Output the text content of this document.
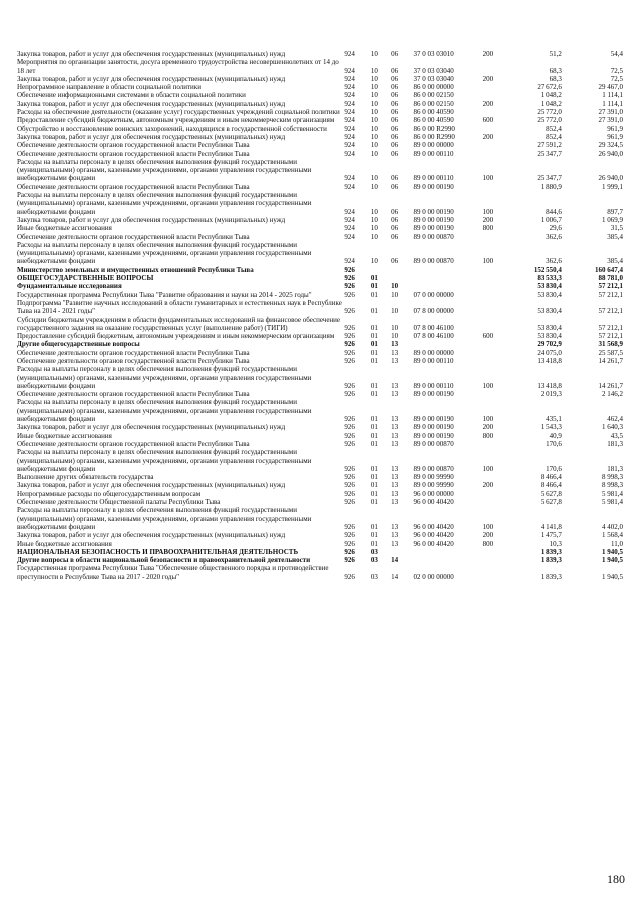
Закупка товаров, работ и услуг для обеспечения государственных (муниципальных) нужд	924	10	06	37 0 03 03010	200	51,2	54,4
Мероприятия по организации занятости, досуга временного трудоустройства несовершеннолетних от 14 до 18 лет	924	10	06	37 0 03 03040		68,3	72,5
Закупка товаров, работ и услуг для обеспечения государственных (муниципальных) нужд	924	10	06	37 0 03 03040	200	68,3	72,5
Непрограммное направление в области социальной политики	924	10	06	86 0 00 00000		27 672,6	29 467,0
Обеспечение информационными системами в области социальной политики	924	10	06	86 0 00 02150		1 048,2	1 114,1
Закупка товаров, работ и услуг для обеспечения государственных (муниципальных) нужд	924	10	06	86 0 00 02150	200	1 048,2	1 114,1
Расходы на обеспечение деятельности (оказание услуг) государственных учреждений социальной политики	924	10	06	86 0 00 40590		25 772,0	27 391,0
Предоставление субсидий бюджетным, автономным учреждениям и иным некоммерческим организациям	924	10	06	86 0 00 40590	600	25 772,0	27 391,0
Обустройство и восстановление воинских захоронений, находящихся в государственной собственности	924	10	06	86 0 00 R2990		852,4	961,9
Закупка товаров, работ и услуг для обеспечения государственных (муниципальных) нужд	924	10	06	86 0 00 R2990	200	852,4	961,9
Обеспечение деятельности органов государственной власти Республики Тыва	924	10	06	89 0 00 00000		27 591,2	29 324,5
Обеспечение деятельности органов государственной власти Республики Тыва	924	10	06	89 0 00 00110		25 347,7	26 940,0
Расходы на выплаты персоналу в целях обеспечения выполнения функций государственными (муниципальными) органами, казенными учреждениями, органами управления государственными внебюджетными фондами	924	10	06	89 0 00 00110	100	25 347,7	26 940,0
Обеспечение деятельности органов государственной власти Республики Тыва	924	10	06	89 0 00 00190		1 880,9	1 999,1
Расходы на выплаты персоналу в целях обеспечения выполнения функций государственными (муниципальными) органами, казенными учреждениями, органами управления государственными внебюджетными фондами	924	10	06	89 0 00 00190	100	844,6	897,7
Закупка товаров, работ и услуг для обеспечения государственных (муниципальных) нужд	924	10	06	89 0 00 00190	200	1 006,7	1 069,9
Иные бюджетные ассигнования	924	10	06	89 0 00 00190	800	29,6	31,5
Обеспечение деятельности органов государственной власти Республики Тыва	924	10	06	89 0 00 00870		362,6	385,4
Расходы на выплаты персоналу в целях обеспечения выполнения функций государственными (муниципальными) органами, казенными учреждениями, органами управления государственными внебюджетными фондами	924	10	06	89 0 00 00870	100	362,6	385,4
Министерство земельных и имущественных отношений Республики Тыва	926					152 550,4	160 647,4
ОБЩЕГОСУДАРСТВЕННЫЕ ВОПРОСЫ	926	01				83 533,3	88 781,0
Фундаментальные исследования	926	01	10			53 830,4	57 212,1
Государственная программа Республики Тыва "Развитие образования и науки на 2014 - 2025 годы"	926	01	10	07 0 00 00000		53 830,4	57 212,1
Подпрограмма "Развитие научных исследований в области гуманитарных и естественных наук в Республике Тыва на 2014 - 2021 годы"	926	01	10	07 8 00 00000		53 830,4	57 212,1
Субсидии бюджетным учреждениям в области фундаментальных исследований на финансовое обеспечение государственного задания на оказание государственных услуг (выполнение работ) (ТИГИ)	926	01	10	07 8 00 46100		53 830,4	57 212,1
Предоставление субсидий бюджетным, автономным учреждениям и иным некоммерческим организациям	926	01	10	07 8 00 46100	600	53 830,4	57 212,1
Другие общегосударственные вопросы	926	01	13			29 702,9	31 568,9
Обеспечение деятельности органов государственной власти Республики Тыва	926	01	13	89 0 00 00000		24 075,0	25 587,5
Обеспечение деятельности органов государственной власти Республики Тыва	926	01	13	89 0 00 00110		13 418,8	14 261,7
Расходы на выплаты персоналу в целях обеспечения выполнения функций государственными (муниципальными) органами, казенными учреждениями, органами управления государственными внебюджетными фондами	926	01	13	89 0 00 00110	100	13 418,8	14 261,7
Обеспечение деятельности органов государственной власти Республики Тыва	926	01	13	89 0 00 00190		2 019,3	2 146,2
Расходы на выплаты персоналу в целях обеспечения выполнения функций государственными (муниципальными) органами, казенными учреждениями, органами управления государственными внебюджетными фондами	926	01	13	89 0 00 00190	100	435,1	462,4
Закупка товаров, работ и услуг для обеспечения государственных (муниципальных) нужд	926	01	13	89 0 00 00190	200	1 543,3	1 640,3
Иные бюджетные ассигнования	926	01	13	89 0 00 00190	800	40,9	43,5
Обеспечение деятельности органов государственной власти Республики Тыва	926	01	13	89 0 00 00870		170,6	181,3
Расходы на выплаты персоналу в целях обеспечения выполнения функций государственными (муниципальными) органами, казенными учреждениями, органами управления государственными внебюджетными фондами	926	01	13	89 0 00 00870	100	170,6	181,3
Выполнение других обязательств государства	926	01	13	89 0 00 99990		8 466,4	8 998,3
Закупка товаров, работ и услуг для обеспечения государственных (муниципальных) нужд	926	01	13	89 0 00 99990	200	8 466,4	8 998,3
Непрограммные расходы по общегосударственным вопросам	926	01	13	96 0 00 00000		5 627,8	5 981,4
Обеспечение деятельности Общественной палаты Республики Тыва	926	01	13	96 0 00 40420		5 627,8	5 981,4
Расходы на выплаты персоналу в целях обеспечения выполнения функций государственными (муниципальными) органами, казенными учреждениями, органами управления государственными внебюджетными фондами	926	01	13	96 0 00 40420	100	4 141,8	4 402,0
Закупка товаров, работ и услуг для обеспечения государственных (муниципальных) нужд	926	01	13	96 0 00 40420	200	1 475,7	1 568,4
Иные бюджетные ассигнования	926	01	13	96 0 00 40420	800	10,3	11,0
НАЦИОНАЛЬНАЯ БЕЗОПАСНОСТЬ И ПРАВООХРАНИТЕЛЬНАЯ ДЕЯТЕЛЬНОСТЬ	926	03				1 839,3	1 940,5
Другие вопросы в области национальной безопасности и правоохранительной деятельности	926	03	14			1 839,3	1 940,5
Государственная программа Республики Тыва "Обеспечение общественного порядка и противодействие преступности в Республике Тыва на 2017 - 2020 годы"	926	03	14	02 0 00 00000		1 839,3	1 940,5
180
